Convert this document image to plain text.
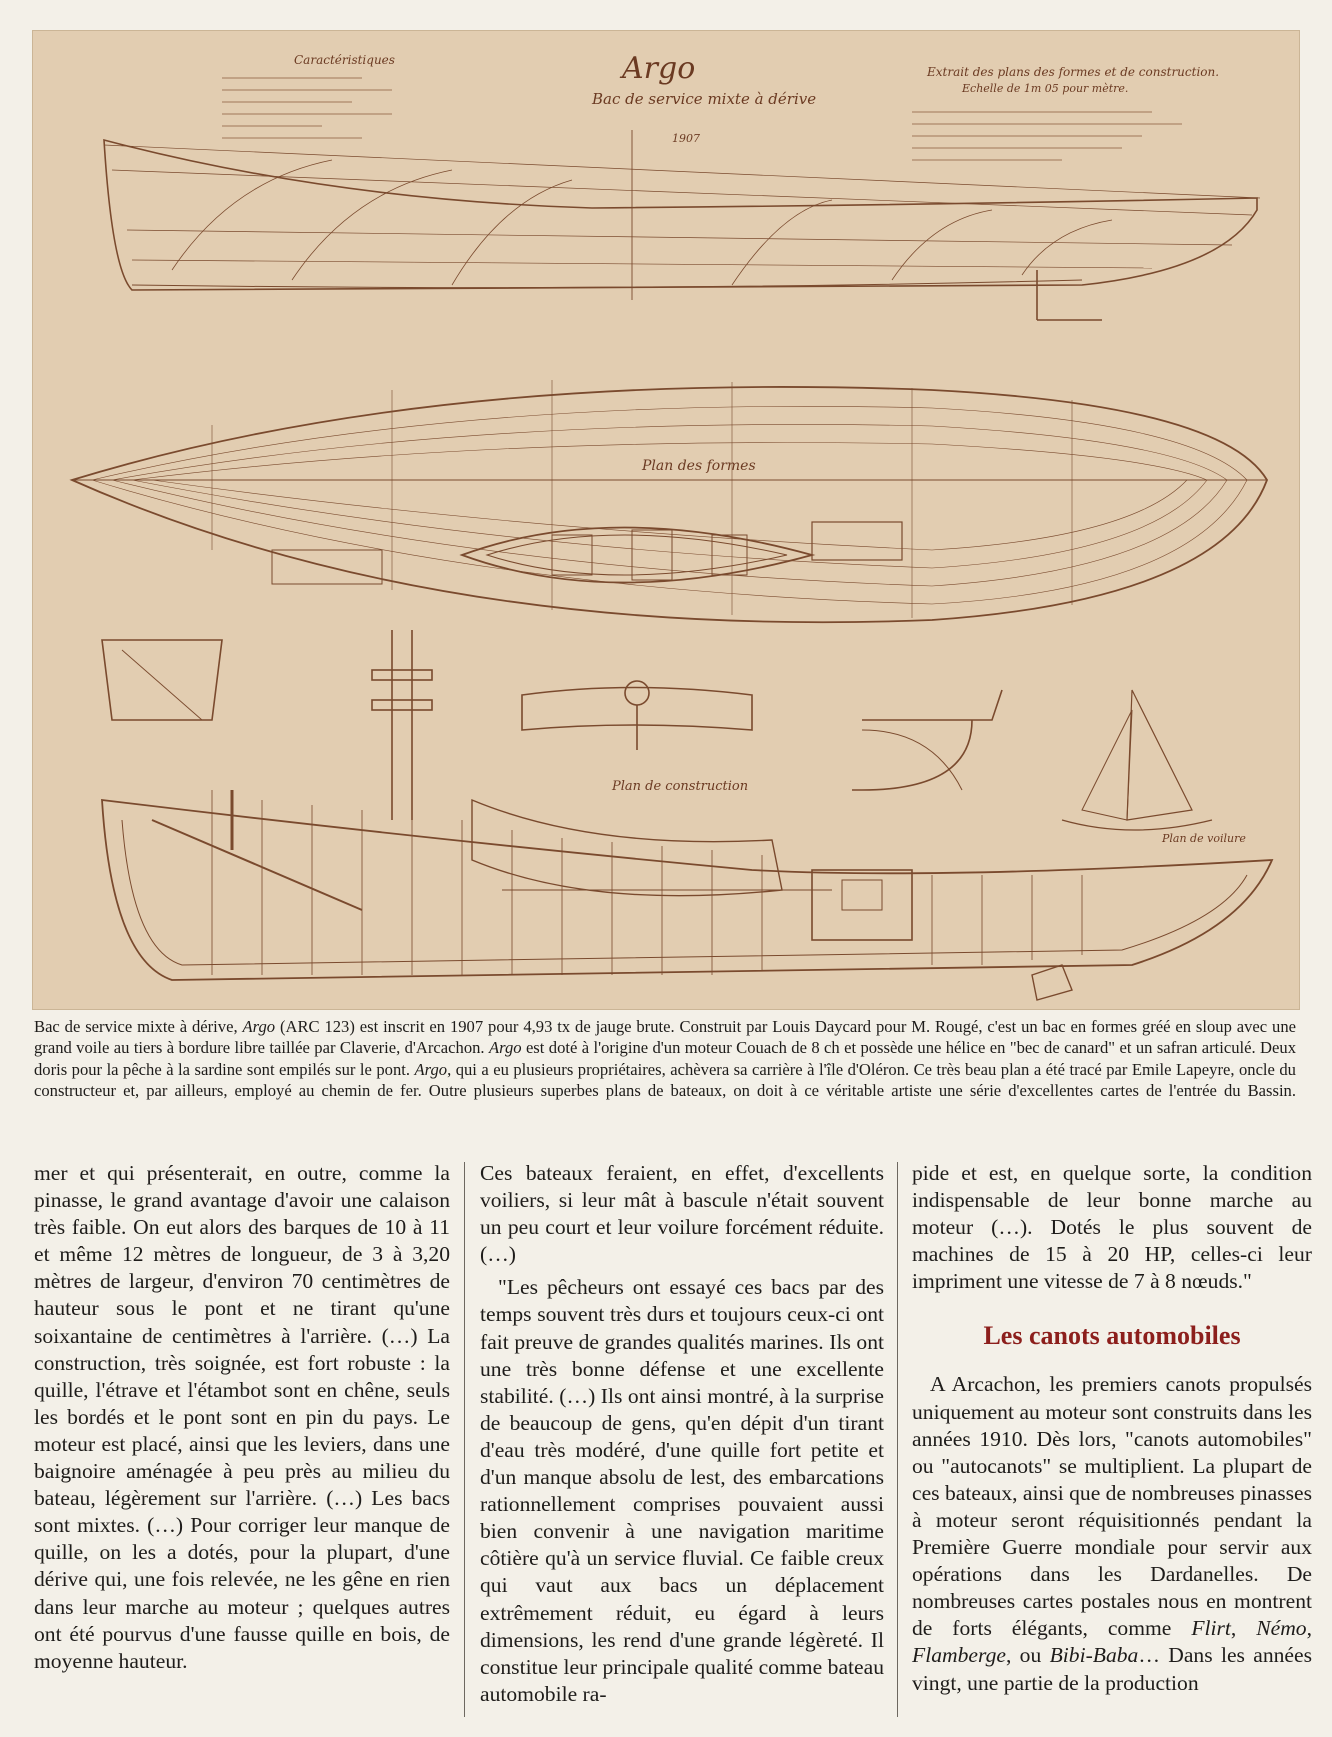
Argo
Bac de service mixte à dérive
1907
Caractéristiques
Extrait des plans des formes et de construction.
Echelle de 1m 05 pour mètre.
Plan des formes
Plan de voilure
Plan de construction
Bac de service mixte à dérive, Argo (ARC 123) est inscrit en 1907 pour 4,93 tx de jauge brute. Construit par Louis Daycard pour M. Rougé, c'est un bac en formes gréé en sloup avec une grand voile au tiers à bordure libre taillée par Claverie, d'Arcachon. Argo est doté à l'origine d'un moteur Couach de 8 ch et possède une hélice en "bec de canard" et un safran articulé. Deux doris pour la pêche à la sardine sont empilés sur le pont. Argo, qui a eu plusieurs propriétaires, achèvera sa carrière à l'île d'Oléron. Ce très beau plan a été tracé par Emile Lapeyre, oncle du constructeur et, par ailleurs, employé au chemin de fer. Outre plusieurs superbes plans de bateaux, on doit à ce véritable artiste une série d'excellentes cartes de l'entrée du Bassin.

mer et qui présenterait, en outre, comme la pinasse, le grand avantage d'avoir une calaison très faible. On eut alors des barques de 10 à 11 et même 12 mètres de longueur, de 3 à 3,20 mètres de largeur, d'environ 70 centimètres de hauteur sous le pont et ne tirant qu'une soixantaine de centimètres à l'arrière. (…) La construction, très soignée, est fort robuste : la quille, l'étrave et l'étambot sont en chêne, seuls les bordés et le pont sont en pin du pays. Le moteur est placé, ainsi que les leviers, dans une baignoire aménagée à peu près au milieu du bateau, légèrement sur l'arrière. (…) Les bacs sont mixtes. (…) Pour corriger leur manque de quille, on les a dotés, pour la plupart, d'une dérive qui, une fois relevée, ne les gêne en rien dans leur marche au moteur ; quelques autres ont été pourvus d'une fausse quille en bois, de moyenne hauteur.

Ces bateaux feraient, en effet, d'excellents voiliers, si leur mât à bascule n'était souvent un peu court et leur voilure forcément réduite. (…)

"Les pêcheurs ont essayé ces bacs par des temps souvent très durs et toujours ceux-ci ont fait preuve de grandes qualités marines. Ils ont une très bonne défense et une excellente stabilité. (…) Ils ont ainsi montré, à la surprise de beaucoup de gens, qu'en dépit d'un tirant d'eau très modéré, d'une quille fort petite et d'un manque absolu de lest, des embarcations rationnellement comprises pouvaient aussi bien convenir à une navigation maritime côtière qu'à un service fluvial. Ce faible creux qui vaut aux bacs un déplacement extrêmement réduit, eu égard à leurs dimensions, les rend d'une grande légèreté. Il constitue leur principale qualité comme bateau automobile ra-

pide et est, en quelque sorte, la condition indispensable de leur bonne marche au moteur (…). Dotés le plus souvent de machines de 15 à 20 HP, celles-ci leur impriment une vitesse de 7 à 8 nœuds."

Les canots automobiles

A Arcachon, les premiers canots propulsés uniquement au moteur sont construits dans les années 1910. Dès lors, "canots automobiles" ou "autocanots" se multiplient. La plupart de ces bateaux, ainsi que de nombreuses pinasses à moteur seront réquisitionnés pendant la Première Guerre mondiale pour servir aux opérations dans les Dardanelles. De nombreuses cartes postales nous en montrent de forts élégants, comme Flirt, Némo, Flamberge, ou Bibi-Baba… Dans les années vingt, une partie de la production
